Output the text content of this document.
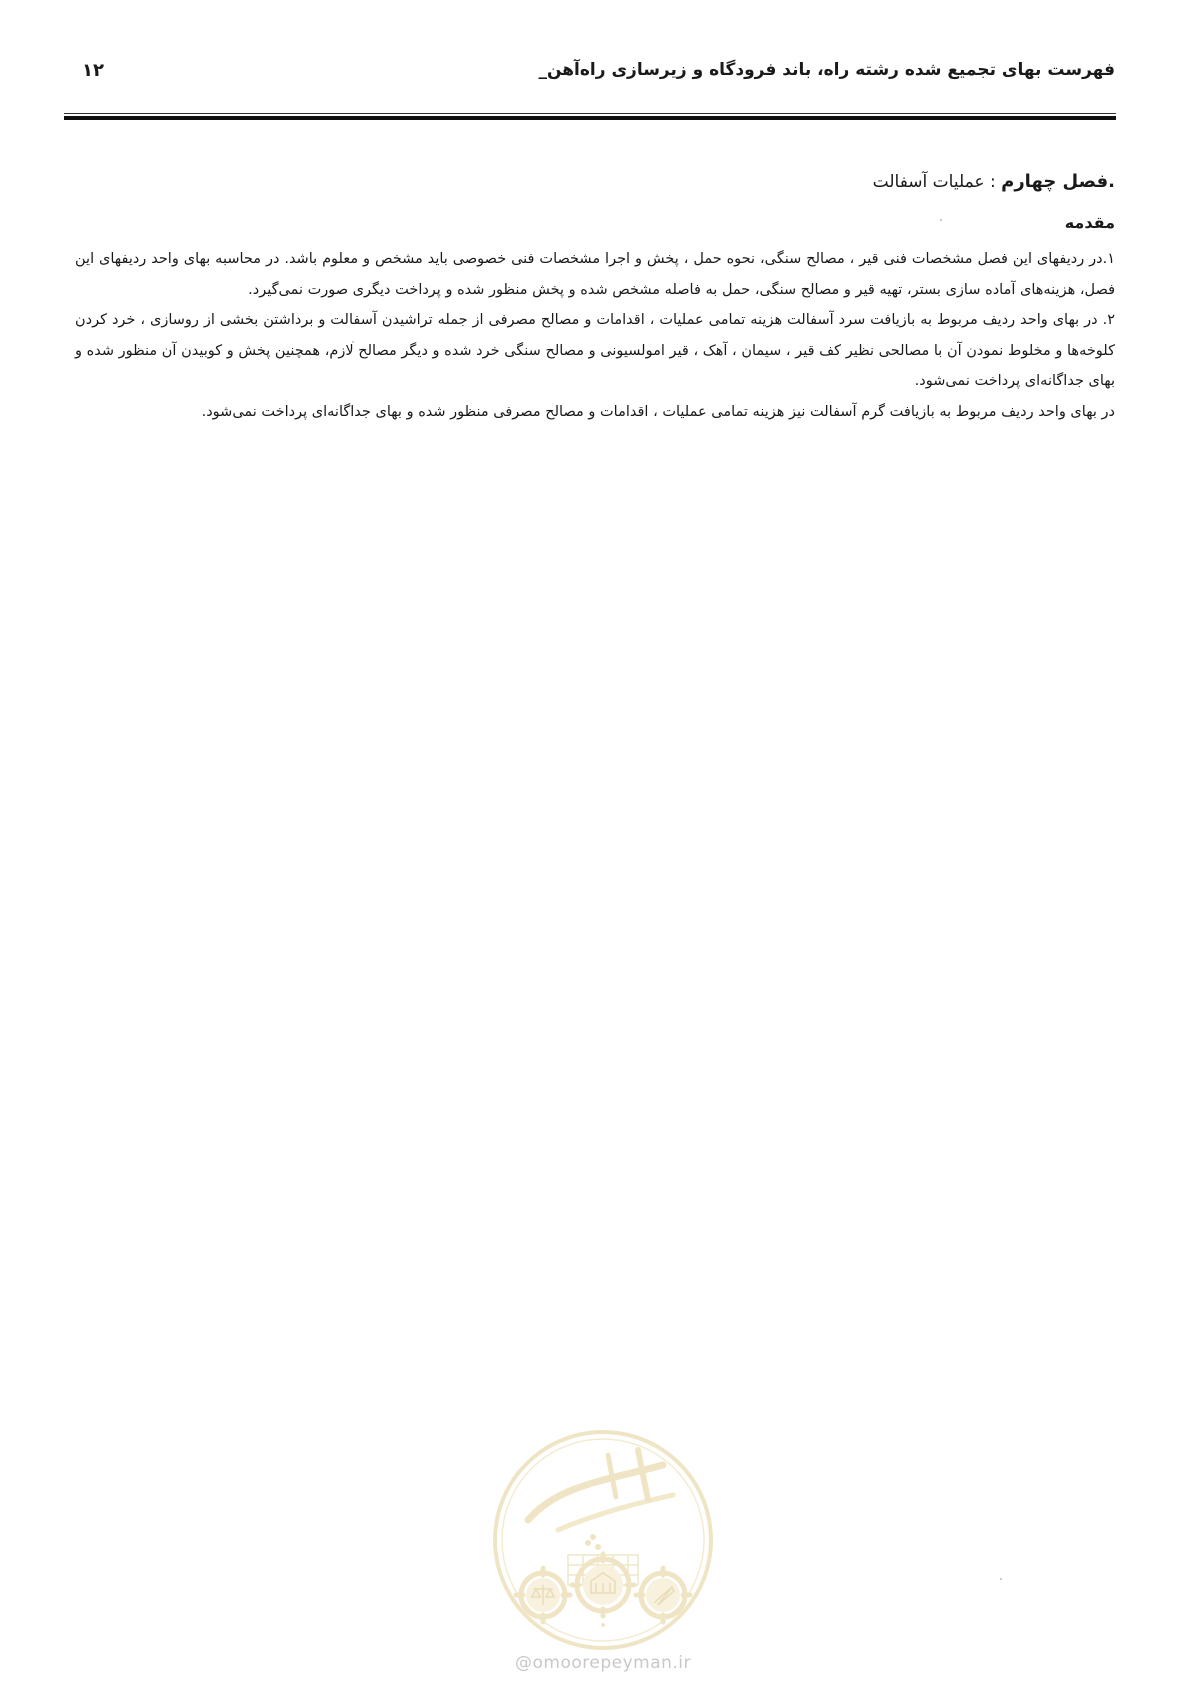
فهرست بهای تجمیع شده رشته راه، باند فرودگاه و زیرسازی راه‌آهن_
۱۲

.فصل چهارم : عملیات آسفالت

مقدمه

۱.در ردیفهای این فصل مشخصات فنی قیر ، مصالح سنگی، نحوه حمل ، پخش و اجرا مشخصات فنی خصوصی باید مشخص و معلوم باشد. در محاسبه بهای واحد ردیفهای این فصل، هزینه‌های آماده سازی بستر، تهیه قیر و مصالح سنگی، حمل به فاصله مشخص شده و پخش منظور شده و پرداخت دیگری صورت نمی‌گیرد.

۲. در بهای واحد ردیف مربوط به بازیافت سرد آسفالت هزینه تمامی عملیات ، اقدامات و مصالح مصرفی از جمله تراشیدن آسفالت و برداشتن بخشی از روسازی ، خرد کردن کلوخه‌ها و مخلوط نمودن آن با مصالحی نظیر کف قیر ، سیمان ، آهک ، قیر امولسیونی و مصالح سنگی خرد شده و دیگر مصالح لازم، همچنین پخش و کوبیدن آن منظور شده و بهای جداگانه‌ای پرداخت نمی‌شود.

در بهای واحد ردیف مربوط به بازیافت گرم آسفالت نیز هزینه تمامی عملیات ، اقدامات و مصالح مصرفی منظور شده و بهای جداگانه‌ای پرداخت نمی‌شود.

@omoorepeyman.ir
